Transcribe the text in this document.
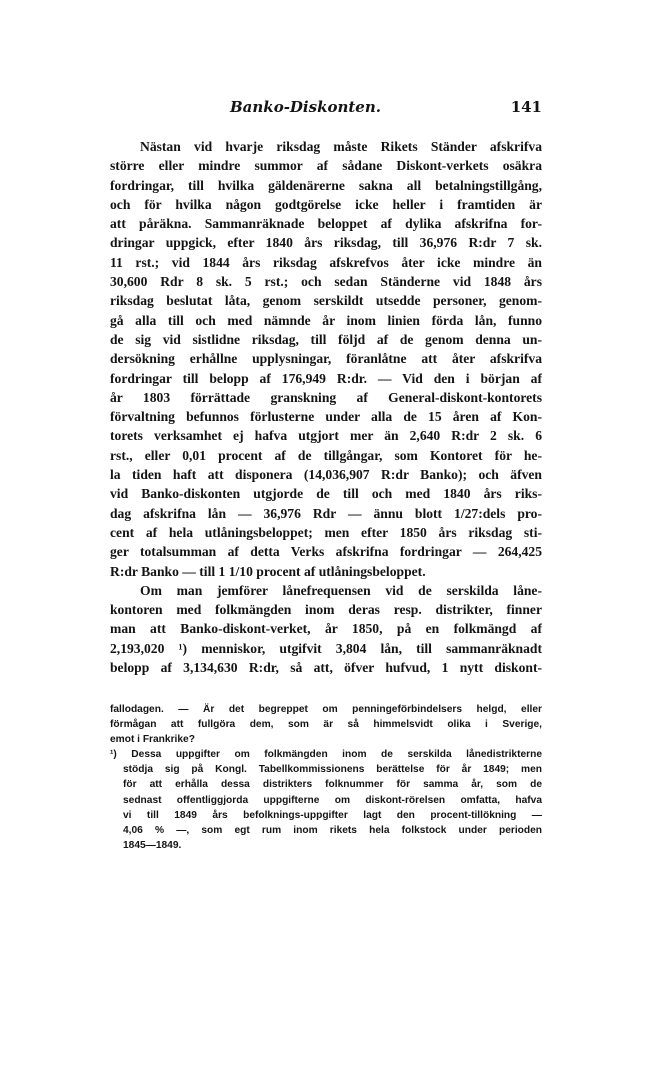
Banko-Diskonten.	141
Nästan vid hvarje riksdag måste Rikets Ständer afskrifva
större eller mindre summor af sådane Diskont-verkets osäkra
fordringar, till hvilka gäldenärerne sakna all betalningstillgång,
och för hvilka någon godtgörelse icke heller i framtiden är
att påräkna. Sammanräknade beloppet af dylika afskrifna for-
dringar uppgick, efter 1840 års riksdag, till 36,976 R:dr 7 sk.
11 rst.; vid 1844 års riksdag afskrefvos åter icke mindre än
30,600 Rdr 8 sk. 5 rst.; och sedan Ständerne vid 1848 års
riksdag beslutat låta, genom serskildt utsedde personer, genom-
gå alla till och med nämnde år inom linien förda lån, funno
de sig vid sistlidne riksdag, till följd af de genom denna un-
dersökning erhållne upplysningar, föranlåtne att åter afskrifva
fordringar till belopp af 176,949 R:dr. — Vid den i början af
år 1803 förrättade granskning af General-diskont-kontorets
förvaltning befunnos förlusterne under alla de 15 åren af Kon-
torets verksamhet ej hafva utgjort mer än 2,640 R:dr 2 sk. 6
rst., eller 0,01 procent af de tillgångar, som Kontoret för he-
la tiden haft att disponera (14,036,907 R:dr Banko); och äfven
vid Banko-diskonten utgjorde de till och med 1840 års riks-
dag afskrifna lån — 36,976 Rdr — ännu blott 1/27:dels pro-
cent af hela utlåningsbeloppet; men efter 1850 års riksdag sti-
ger totalsumman af detta Verks afskrifna fordringar — 264,425
R:dr Banko — till 1 1/10 procent af utlåningsbeloppet.
Om man jemförer lånefrequensen vid de serskilda låne-
kontoren med folkmängden inom deras resp. distrikter, finner
man att Banko-diskont-verket, år 1850, på en folkmängd af
2,193,020 ¹) menniskor, utgifvit 3,804 lån, till sammanräknadt
belopp af 3,134,630 R:dr, så att, öfver hufvud, 1 nytt diskont-
fallodagen. — Är det begreppet om penningeförbindelsers helgd, eller
förmågan att fullgöra dem, som är så himmelsvidt olika i Sverige,
emot i Frankrike?
¹) Dessa uppgifter om folkmängden inom de serskilda lånedistrikterne
stödja sig på Kongl. Tabellkommissionens berättelse för år 1849; men
för att erhålla dessa distrikters folknummer för samma år, som de
sednast offentliggjorda uppgifterne om diskont-rörelsen omfatta, hafva
vi till 1849 års befolknings-uppgifter lagt den procent-tillökning —
4,06 % —, som egt rum inom rikets hela folkstock under perioden
1845—1849.
